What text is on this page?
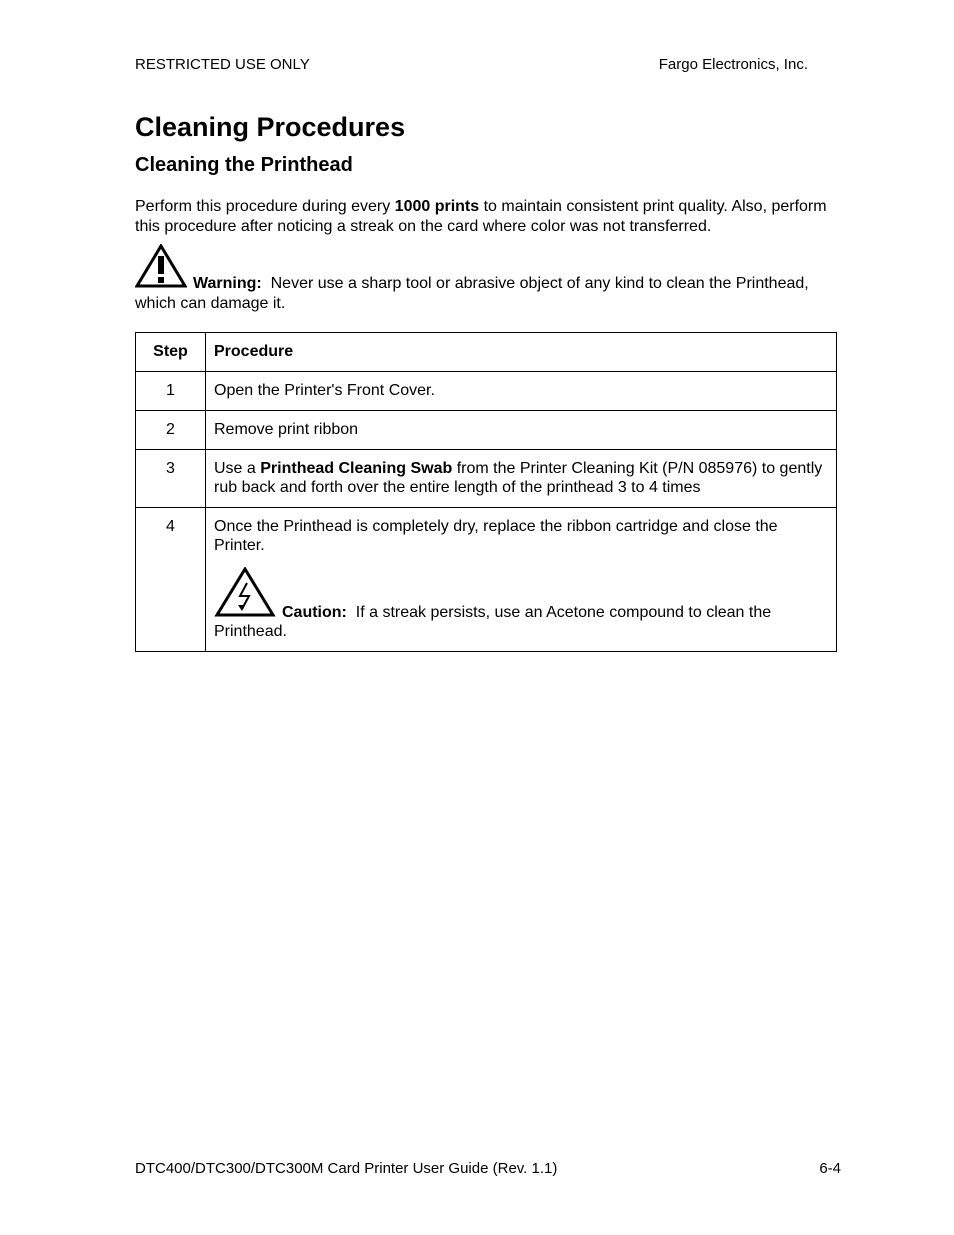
RESTRICTED USE ONLY	Fargo Electronics, Inc.
Cleaning Procedures
Cleaning the Printhead

Perform this procedure during every 1000 prints to maintain consistent print quality. Also, perform this procedure after noticing a streak on the card where color was not transferred.

Warning:  Never use a sharp tool or abrasive object of any kind to clean the Printhead, which can damage it.
Step	Procedure
1	Open the Printer's Front Cover.
2	Remove print ribbon
3	Use a Printhead Cleaning Swab from the Printer Cleaning Kit (P/N 085976) to gently rub back and forth over the entire length of the printhead 3 to 4 times
4	Once the Printhead is completely dry, replace the ribbon cartridge and close the Printer.
Caution:  If a streak persists, use an Acetone compound to clean the Printhead.
DTC400/DTC300/DTC300M Card Printer User Guide (Rev. 1.1)	6-4
